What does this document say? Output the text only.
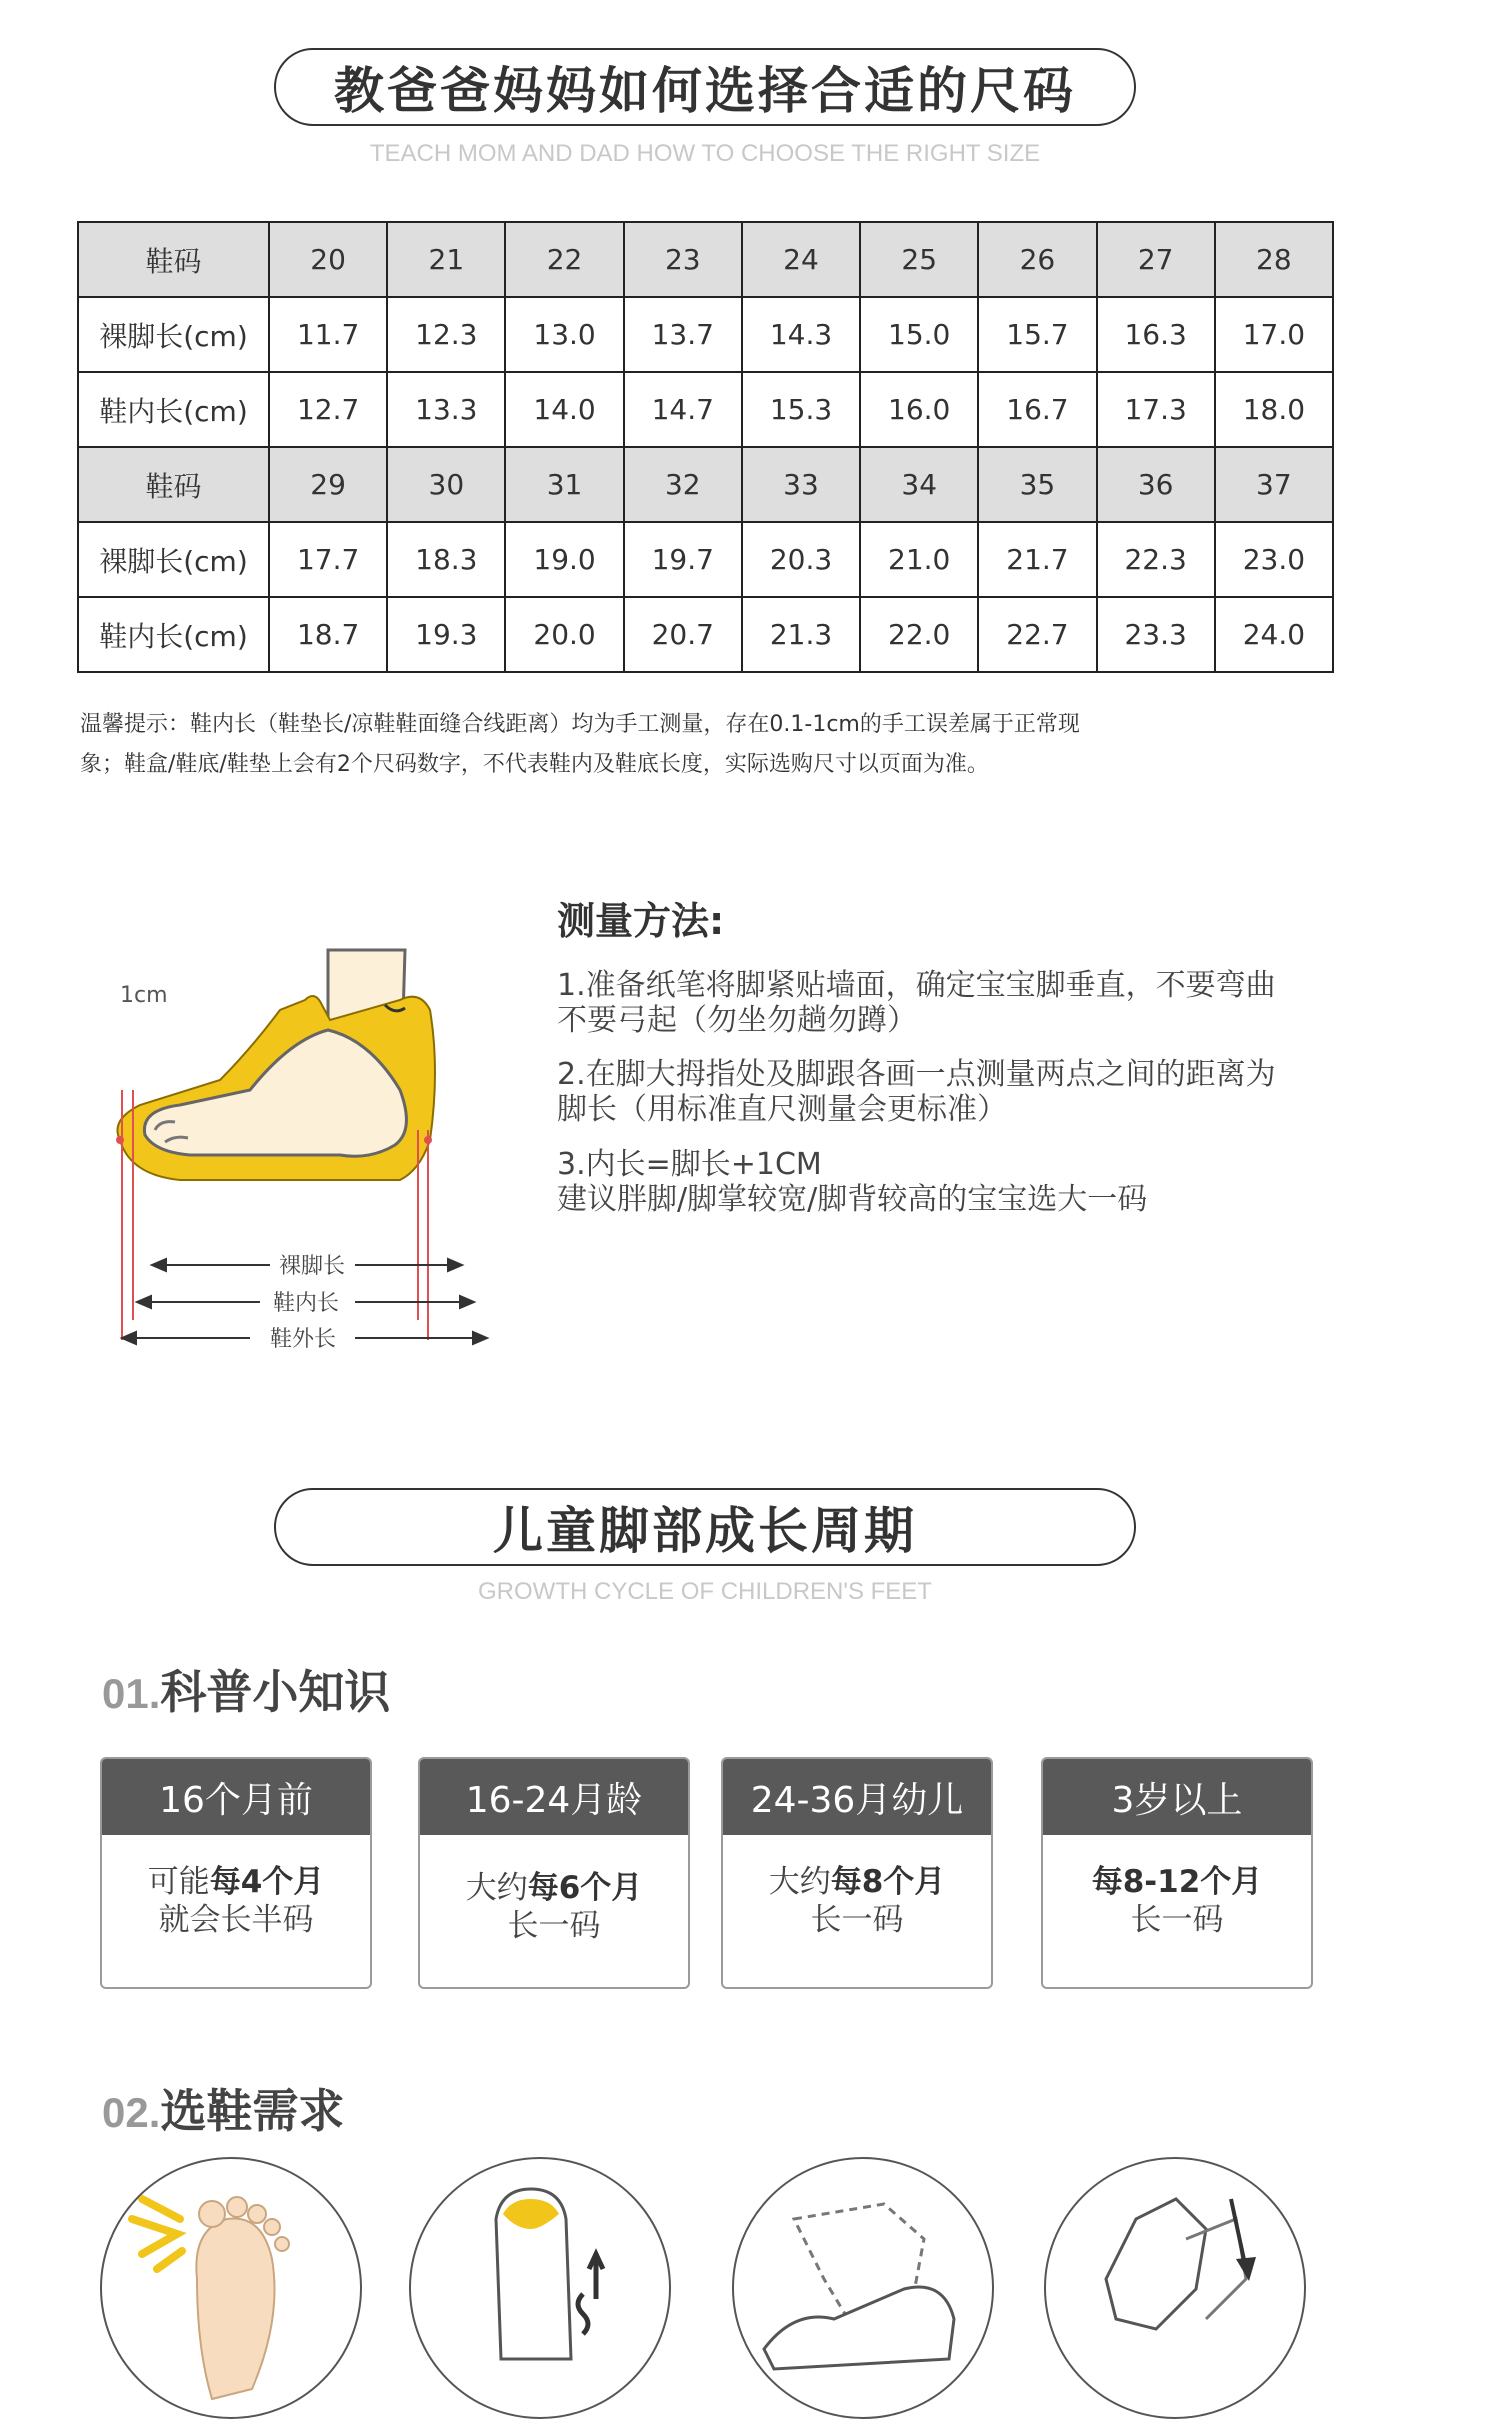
教爸爸妈妈如何选择合适的尺码
TEACH MOM AND DAD HOW TO CHOOSE THE RIGHT SIZE
鞋码	20	21	22	23	24	25	26	27	28
裸脚长(cm)	11.7	12.3	13.0	13.7	14.3	15.0	15.7	16.3	17.0
鞋内长(cm)	12.7	13.3	14.0	14.7	15.3	16.0	16.7	17.3	18.0
鞋码	29	30	31	32	33	34	35	36	37
裸脚长(cm)	17.7	18.3	19.0	19.7	20.3	21.0	21.7	22.3	23.0
鞋内长(cm)	18.7	19.3	20.0	20.7	21.3	22.0	22.7	23.3	24.0
温馨提示：鞋内长（鞋垫长/凉鞋鞋面缝合线距离）均为手工测量，存在0.1-1cm的手工误差属于正常现
象；鞋盒/鞋底/鞋垫上会有2个尺码数字，不代表鞋内及鞋底长度，实际选购尺寸以页面为准。
1cm
裸脚长
鞋内长
鞋外长
测量方法:
1.准备纸笔将脚紧贴墙面，确定宝宝脚垂直，不要弯曲
不要弓起（勿坐勿趟勿蹲）
2.在脚大拇指处及脚跟各画一点测量两点之间的距离为
脚长（用标准直尺测量会更标准）
3.内长=脚长+1CM
建议胖脚/脚掌较宽/脚背较高的宝宝选大一码
儿童脚部成长周期
GROWTH CYCLE OF CHILDREN'S FEET
01.科普小知识
16个月前
可能每4个月
就会长半码
16-24月龄
大约每6个月
长一码
24-36月幼儿
大约每8个月
长一码
3岁以上
每8-12个月
长一码
02.选鞋需求
